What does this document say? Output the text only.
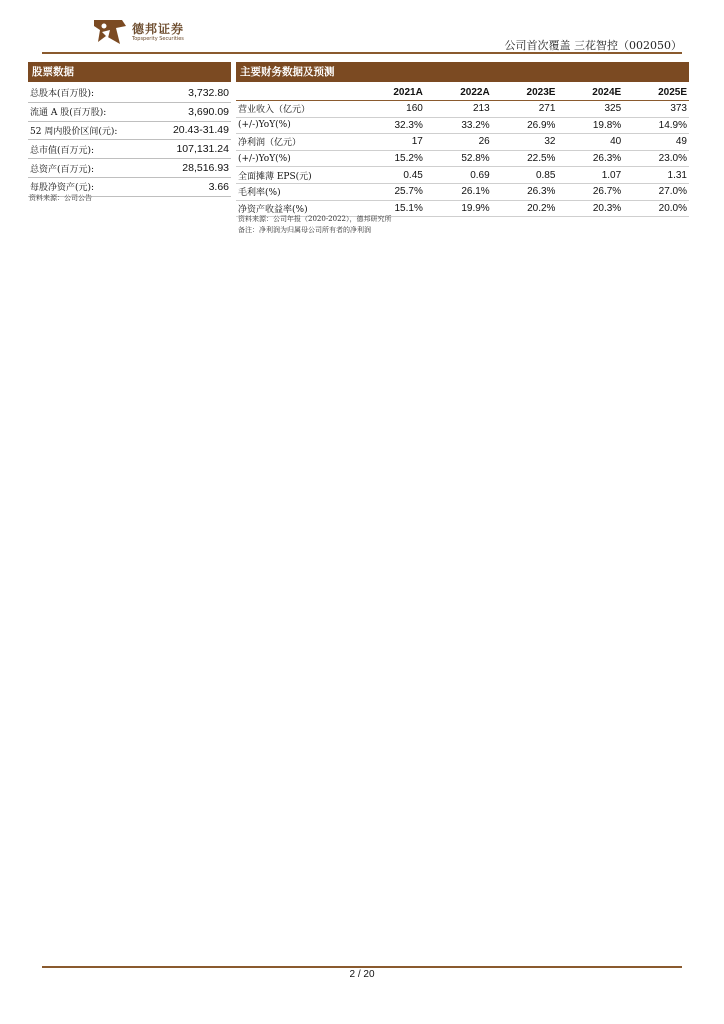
德邦证券
Topsperity Securities
公司首次覆盖 三花智控（002050）
股票数据
总股本(百万股):	3,732.80
流通 A 股(百万股):	3,690.09
52 周内股价区间(元):	20.43-31.49
总市值(百万元):	107,131.24
总资产(百万元):	28,516.93
每股净资产(元):	3.66
资料来源：公司公告
主要财务数据及预测
	2021A	2022A	2023E	2024E	2025E
营业收入（亿元）	160	213	271	325	373
(+/-)YoY(%)	32.3%	33.2%	26.9%	19.8%	14.9%
净利润（亿元）	17	26	32	40	49
(+/-)YoY(%)	15.2%	52.8%	22.5%	26.3%	23.0%
全面摊薄 EPS(元)	0.45	0.69	0.85	1.07	1.31
毛利率(%)	25.7%	26.1%	26.3%	26.7%	27.0%
净资产收益率(%)	15.1%	19.9%	20.2%	20.3%	20.0%
资料来源：公司年报（2020-2022），德邦研究所
备注：净利润为归属母公司所有者的净利润
2 / 20
